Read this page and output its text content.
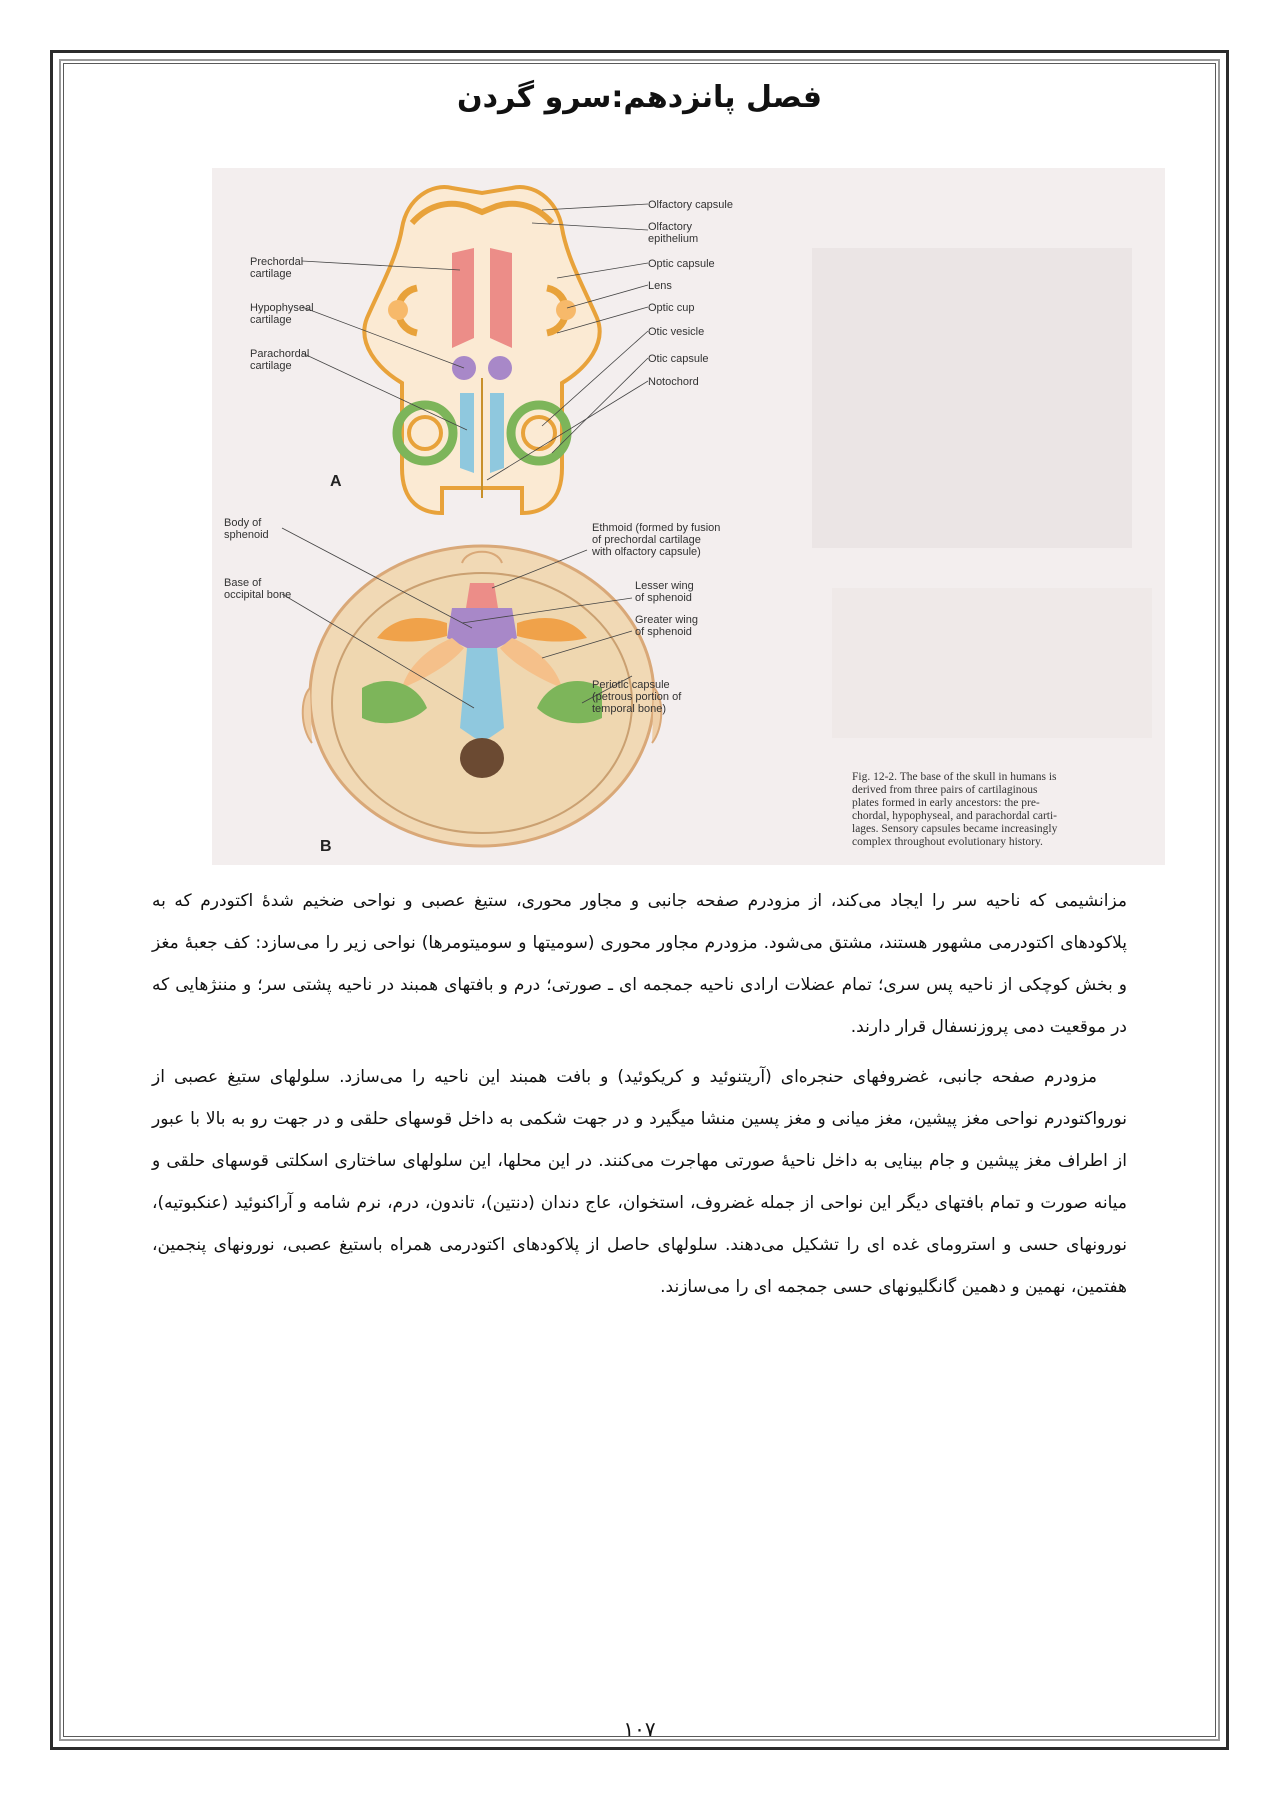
فصل پانزدهم:سرو گردن
Olfactory capsule
Olfactory
epithelium
Optic capsule
Lens
Optic cup
Otic vesicle
Otic capsule
Notochord
Prechordal
cartilage
Hypophyseal
cartilage
Parachordal
cartilage
A
Body of
sphenoid
Base of
occipital bone
Ethmoid (formed by fusion
of prechordal cartilage
with olfactory capsule)
Lesser wing
of sphenoid
Greater wing
of sphenoid
Periotic capsule
(petrous portion of
temporal bone)
B
Fig. 12-2. The base of the skull in humans is
derived from three pairs of cartilaginous
plates formed in early ancestors: the pre-
chordal, hypophyseal, and parachordal carti-
lages. Sensory capsules became increasingly
complex throughout evolutionary history.

مزانشیمی که ناحیه سر را ایجاد می‌کند، از مزودرم صفحه جانبی و مجاور محوری، ستیغ عصبی و نواحی ضخیم شدهٔ اکتودرم که به پلاکودهای اکتودرمی مشهور هستند، مشتق می‌شود. مزودرم مجاور محوری (سومیتها و سومیتومرها) نواحی زیر را می‌سازد: کف جعبهٔ مغز و بخش کوچکی از ناحیه پس سری؛ تمام عضلات ارادی ناحیه جمجمه ای ـ صورتی؛ درم و بافتهای همبند در ناحیه پشتی سر؛ و مننژهایی که در موقعیت دمی پروزنسفال قرار دارند.

مزودرم صفحه جانبی، غضروفهای حنجره‌ای (آریتنوئید و کریکوئید) و بافت همبند این ناحیه را می‌سازد. سلولهای ستیغ عصبی از نورواکتودرم نواحی مغز پیشین، مغز میانی و مغز پسین منشا میگیرد و در جهت شکمی به داخل قوسهای حلقی و در جهت رو به بالا با عبور از اطراف مغز پیشین و جام بینایی به داخل ناحیهٔ صورتی مهاجرت می‌کنند. در این محلها، این سلولهای ساختاری اسکلتی قوسهای حلقی و میانه صورت و تمام بافتهای دیگر این نواحی از جمله غضروف، استخوان، عاج دندان (دنتین)، تاندون، درم، نرم شامه و آراکنوئید (عنکبوتیه)، نورونهای حسی و استرومای غده ای را تشکیل می‌دهند. سلولهای حاصل از پلاکودهای اکتودرمی همراه باستیغ عصبی، نورونهای پنجمین، هفتمین، نهمین و دهمین گانگلیونهای حسی جمجمه ای را می‌سازند.

۱۰۷
